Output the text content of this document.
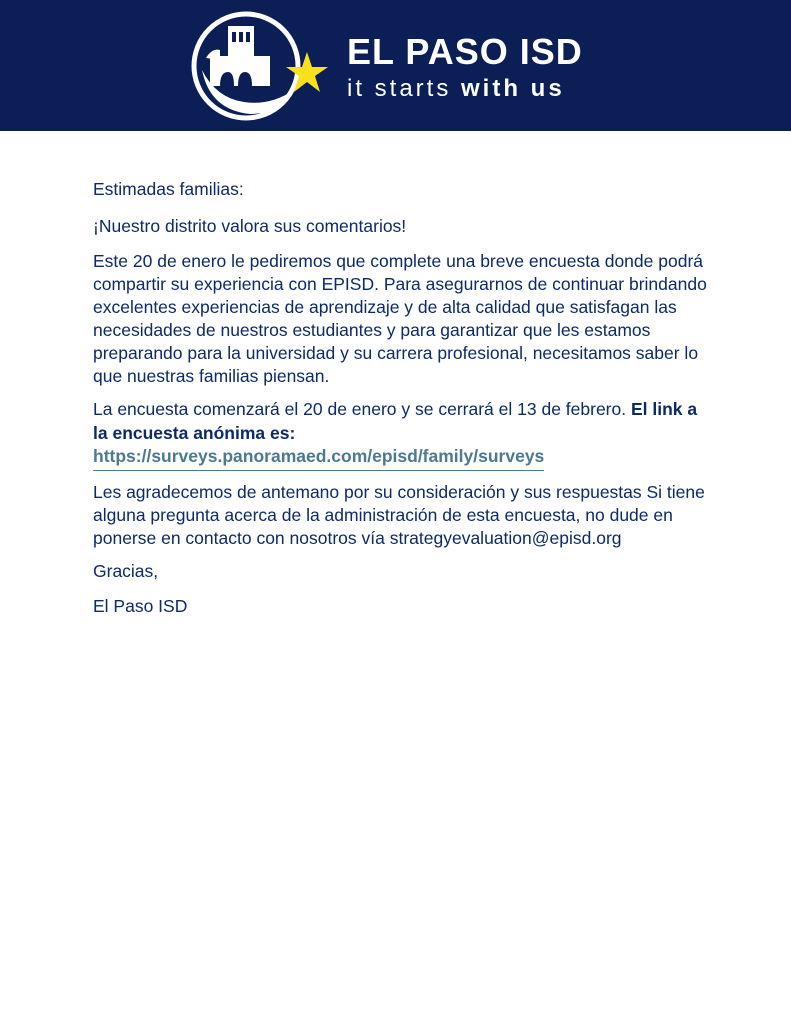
EL PASO ISD
it starts with us

Estimadas familias:

¡Nuestro distrito valora sus comentarios!

Este 20 de enero le pediremos que complete una breve encuesta donde podrá compartir su experiencia con EPISD. Para asegurarnos de continuar brindando excelentes experiencias de aprendizaje y de alta calidad que satisfagan las necesidades de nuestros estudiantes y para garantizar que les estamos preparando para la universidad y su carrera profesional, necesitamos saber lo que nuestras familias piensan.

La encuesta comenzará el 20 de enero y se cerrará el 13 de febrero. El link a la encuesta anónima es:

https://surveys.panoramaed.com/episd/family/surveys

Les agradecemos de antemano por su consideración y sus respuestas Si tiene alguna pregunta acerca de la administración de esta encuesta, no dude en ponerse en contacto con nosotros vía strategyevaluation@episd.org

Gracias,

El Paso ISD
